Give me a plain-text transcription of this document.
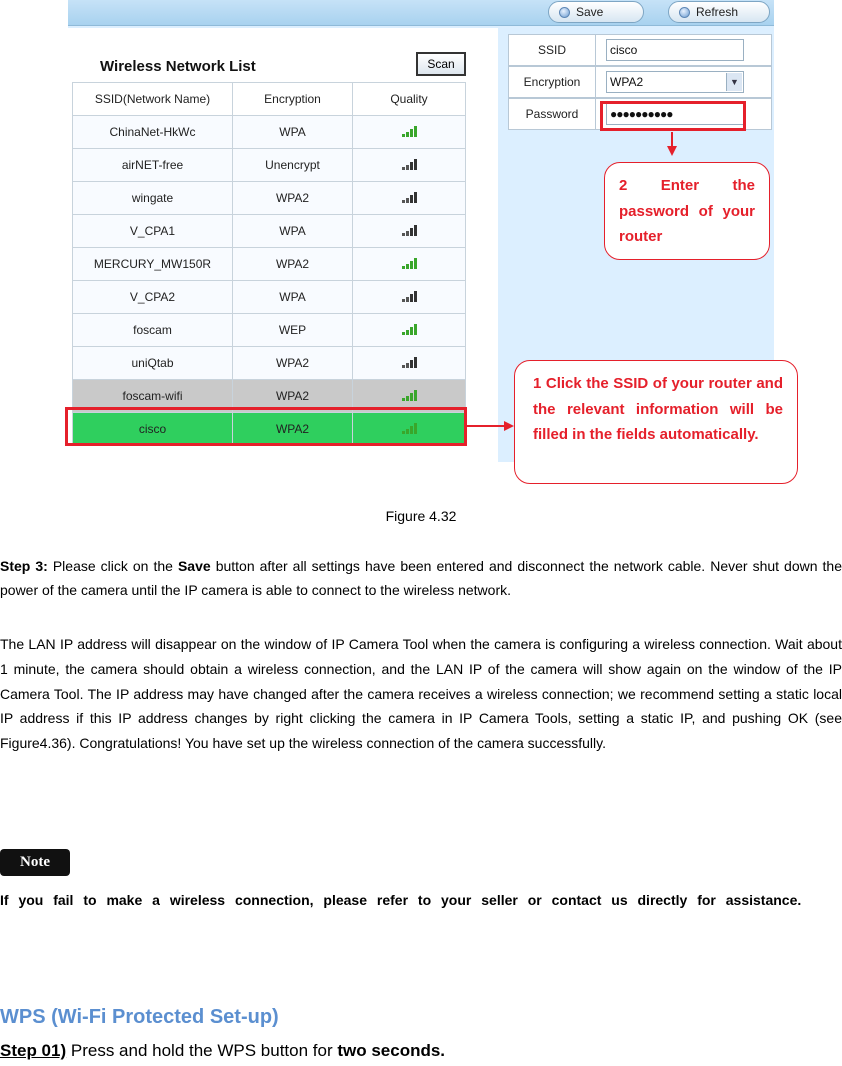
Save	Refresh
Wireless Network List	Scan
SSID(Network Name)	Encryption	Quality
ChinaNet-HkWc	WPA	

airNET-free	Unencrypt	

wingate	WPA2	

V_CPA1	WPA	

MERCURY_MW150R	WPA2	

V_CPA2	WPA	

foscam	WEP	

uniQtab	WPA2	

foscam-wifi	WPA2	

cisco	WPA2	
SSID	cisco
Encryption	WPA2	▼
Password	●●●●●●●●●●
2 Enter the password of your router
1 Click the SSID of your router and the relevant information will be filled in the fields automatically.
Figure 4.32
Step 3: Please click on the Save button after all settings have been entered and disconnect the network cable. Never shut down the power of the camera until the IP camera is able to connect to the wireless network.
The LAN IP address will disappear on the window of IP Camera Tool when the camera is configuring a wireless connection. Wait about 1 minute, the camera should obtain a wireless connection, and the LAN IP of the camera will show again on the window of the IP Camera Tool. The IP address may have changed after the camera receives a wireless connection; we recommend setting a static local IP address if this IP address changes by right clicking the camera in IP Camera Tools, setting a static IP, and pushing OK (see Figure4.36). Congratulations! You have set up the wireless connection of the camera successfully.
Note
If you fail to make a wireless connection, please refer to your seller or contact us directly for assistance.
WPS (Wi-Fi Protected Set-up)
Step 01) Press and hold the WPS button for two seconds.
